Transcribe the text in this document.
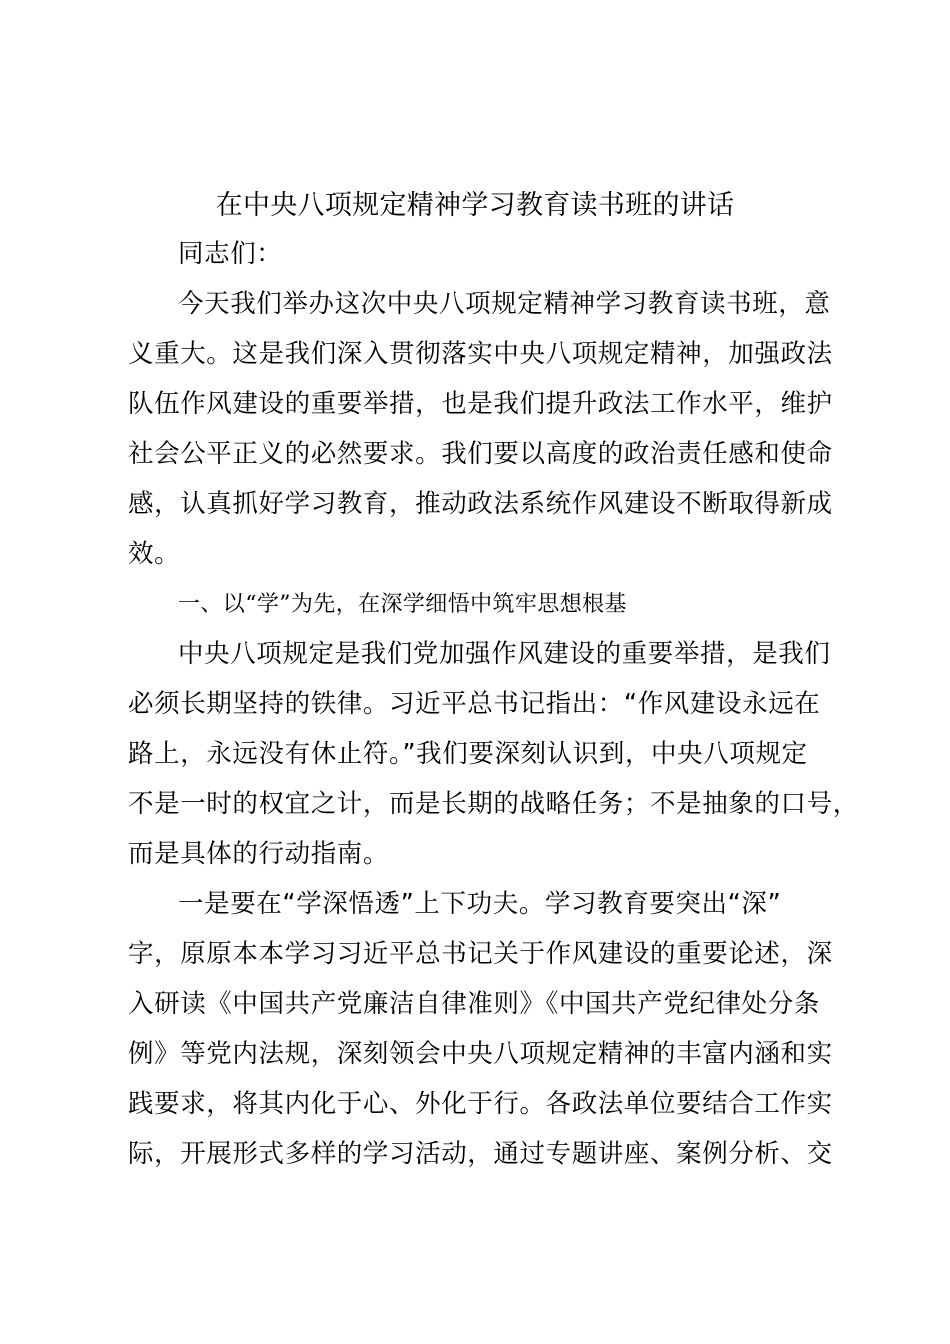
在中央八项规定精神学习教育读书班的讲话
同志们：
今天我们举办这次中央八项规定精神学习教育读书班，意
义重大。这是我们深入贯彻落实中央八项规定精神，加强政法
队伍作风建设的重要举措，也是我们提升政法工作水平，维护
社会公平正义的必然要求。我们要以高度的政治责任感和使命
感，认真抓好学习教育，推动政法系统作风建设不断取得新成
效。
一、以“学”为先，在深学细悟中筑牢思想根基
中央八项规定是我们党加强作风建设的重要举措，是我们
必须长期坚持的铁律。习近平总书记指出：“作风建设永远在
路上，永远没有休止符。”我们要深刻认识到，中央八项规定
不是一时的权宜之计，而是长期的战略任务；不是抽象的口号，
而是具体的行动指南。
一是要在“学深悟透”上下功夫。学习教育要突出“深”
字，原原本本学习习近平总书记关于作风建设的重要论述，深
入研读《中国共产党廉洁自律准则》《中国共产党纪律处分条
例》等党内法规，深刻领会中央八项规定精神的丰富内涵和实
践要求，将其内化于心、外化于行。各政法单位要结合工作实
际，开展形式多样的学习活动，通过专题讲座、案例分析、交
